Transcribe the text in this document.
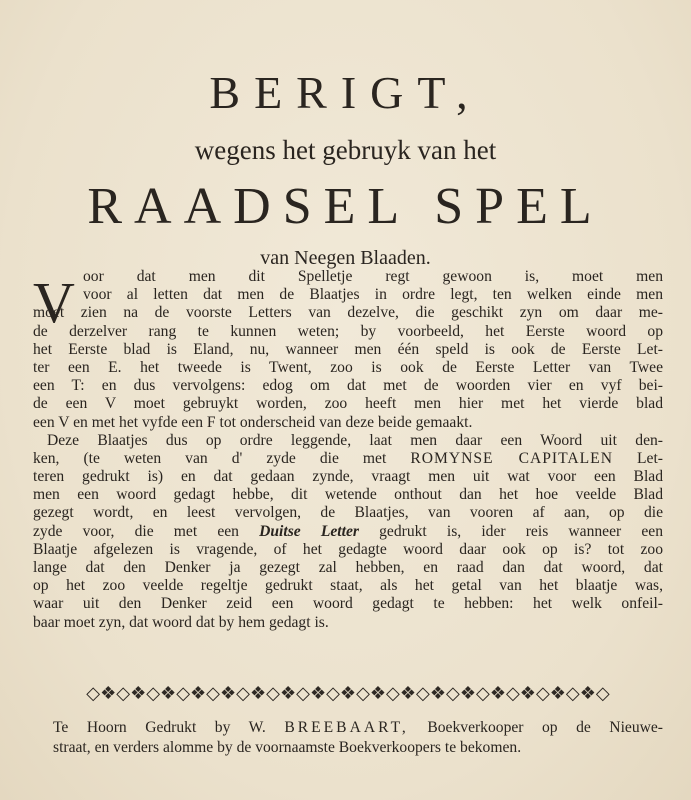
BERIGT,
wegens het gebruyk van het
RAADSEL SPEL
van Neegen Blaaden.
V oor dat men dit Spelletje regt gewoon is, moet men
voor al letten dat men de Blaatjes in ordre legt, ten welken einde men
moet zien na de voorste Letters van dezelve, die geschikt zyn om daar me-
de derzelver rang te kunnen weten; by voorbeeld, het Eerste woord op
het Eerste blad is Eland, nu, wanneer men één speld is ook de Eerste Let-
ter een E. het tweede is Twent, zoo is ook de Eerste Letter van Twee
een T: en dus vervolgens: edog om dat met de woorden vier en vyf bei-
de een V moet gebruykt worden, zoo heeft men hier met het vierde blad
een V en met het vyfde een F tot onderscheid van deze beide gemaakt.
Deze Blaatjes dus op ordre leggende, laat men daar een Woord uit den-
ken, (te weten van d' zyde die met ROMYNSE CAPITALEN Let-
teren gedrukt is) en dat gedaan zynde, vraagt men uit wat voor een Blad
men een woord gedagt hebbe, dit wetende onthout dan het hoe veelde Blad
gezegt wordt, en leest vervolgen, de Blaatjes, van vooren af aan, op die
zyde voor, die met een Duitse Letter gedrukt is, ider reis wanneer een
Blaatje afgelezen is vragende, of het gedagte woord daar ook op is? tot zoo
lange dat den Denker ja gezegt zal hebben, en raad dan dat woord, dat
op het zoo veelde regeltje gedrukt staat, als het getal van het blaatje was,
waar uit den Denker zeid een woord gedagt te hebben: het welk onfeil-
baar moet zyn, dat woord dat by hem gedagt is.
◇❖◇❖◇❖◇❖◇❖◇❖◇❖◇❖◇❖◇❖◇❖◇❖◇❖◇❖◇❖◇❖◇❖◇
Te Hoorn Gedrukt by W. BREEBAART, Boekverkooper op de Nieuwe-
straat, en verders alomme by de voornaamste Boekverkoopers te bekomen.
